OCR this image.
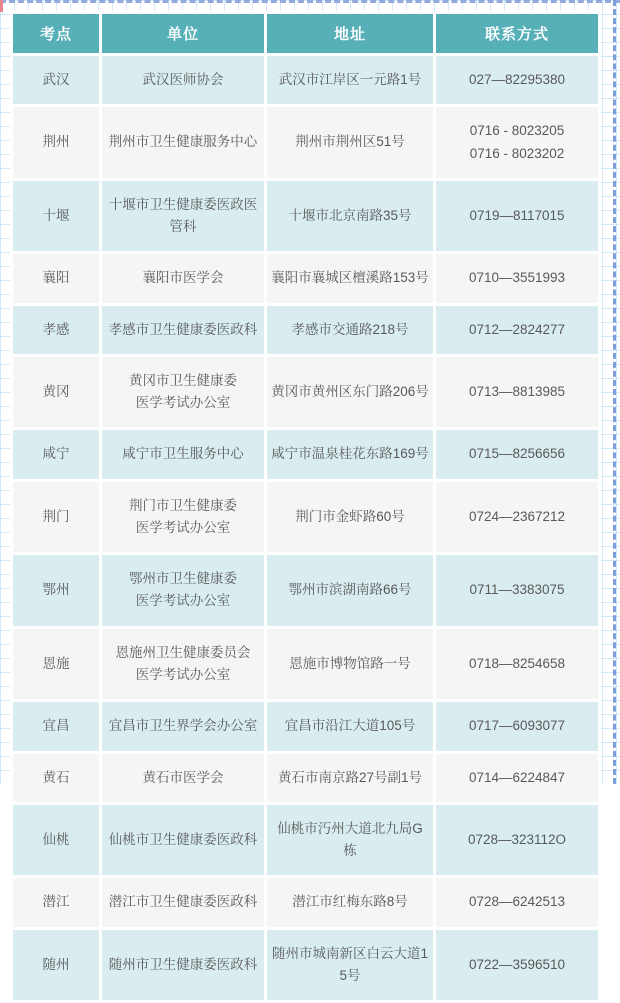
考点	单位	地址	联系方式

武汉	武汉医师协会	武汉市江岸区一元路1号	027—82295380

荆州	荆州市卫生健康服务中心	荆州市荆州区51号	0716 - 8023205
0716 - 8023202

十堰	十堰市卫生健康委医政医管科	十堰市北京南路35号	0719—8117015

襄阳	襄阳市医学会	襄阳市襄城区檀溪路153号	0710—3551993

孝感	孝感市卫生健康委医政科	孝感市交通路218号	0712—2824277

黄冈	黄冈市卫生健康委
医学考试办公室	黄冈市黄州区东门路206号	0713—8813985

咸宁	咸宁市卫生服务中心	咸宁市温泉桂花东路169号	0715—8256656

荆门	荆门市卫生健康委
医学考试办公室	荆门市金虾路60号	0724—2367212

鄂州	鄂州市卫生健康委
医学考试办公室	鄂州市滨湖南路66号	0711—3383075

恩施	恩施州卫生健康委员会
医学考试办公室	恩施市博物馆路一号	0718—8254658

宜昌	宜昌市卫生界学会办公室	宜昌市沿江大道105号	0717—6093077

黄石	黄石市医学会	黄石市南京路27号副1号	0714—6224847

仙桃	仙桃市卫生健康委医政科	仙桃市汅州大道北九局G栋	0728—323112O

潜江	潜江市卫生健康委医政科	潜江市红梅东路8号	0728—6242513

随州	随州市卫生健康委医政科	随州市城南新区白云大道15号	0722—3596510
